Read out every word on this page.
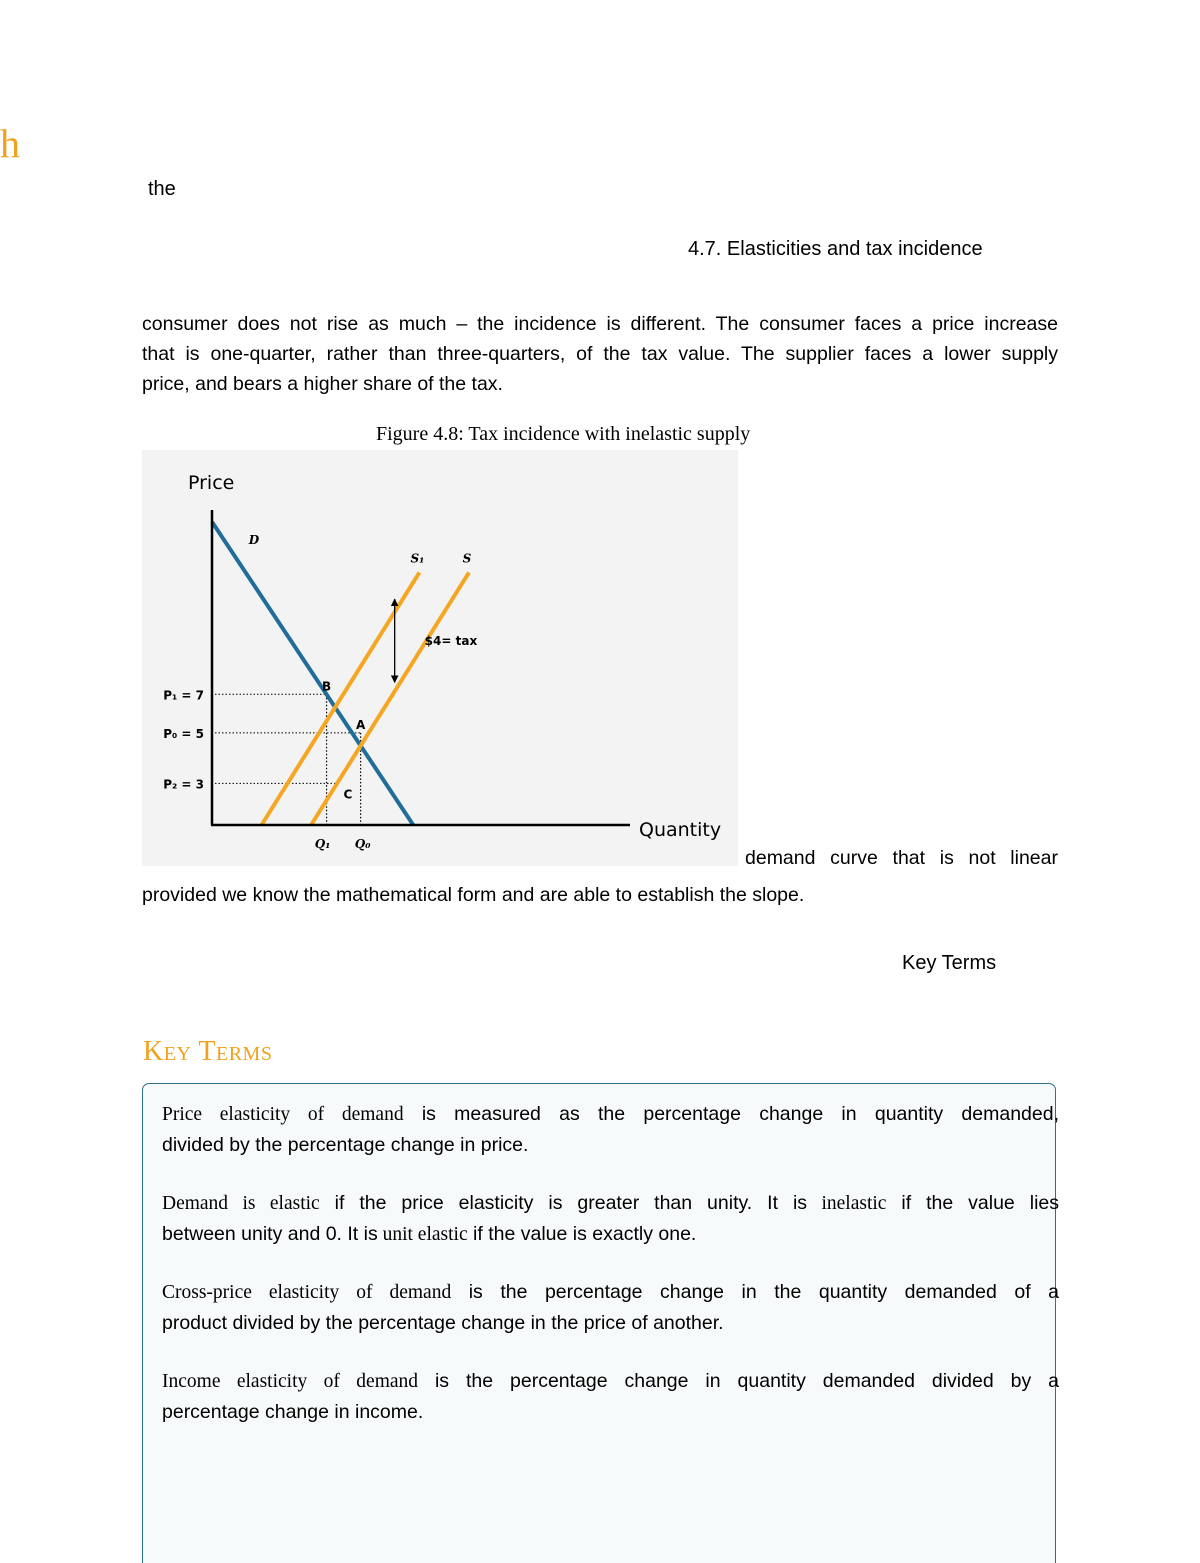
h
the
4.7. Elasticities and tax incidence
consumer does not rise as much – the incidence is different. The consumer faces a price increase
that is one-quarter, rather than three-quarters, of the tax value. The supplier faces a lower supply
price, and bears a higher share of the tax.
Figure 4.8: Tax incidence with inelastic supply
D
S₁	S
Price
Quantity
P₁ = 7
P₀ = 5
P₂ = 3
Q₁ Q₀
B
A
C
$4= tax
demand curve that is not linear
provided we know the mathematical form and are able to establish the slope.
Key Terms
Key Terms
Price elasticity of demand is measured as the percentage change in quantity demanded,
divided by the percentage change in price.
Demand is elastic if the price elasticity is greater than unity. It is inelastic if the value lies
between unity and 0. It is unit elastic if the value is exactly one.
Cross-price elasticity of demand is the percentage change in the quantity demanded of a
product divided by the percentage change in the price of another.
Income elasticity of demand is the percentage change in quantity demanded divided by a
percentage change in income.
